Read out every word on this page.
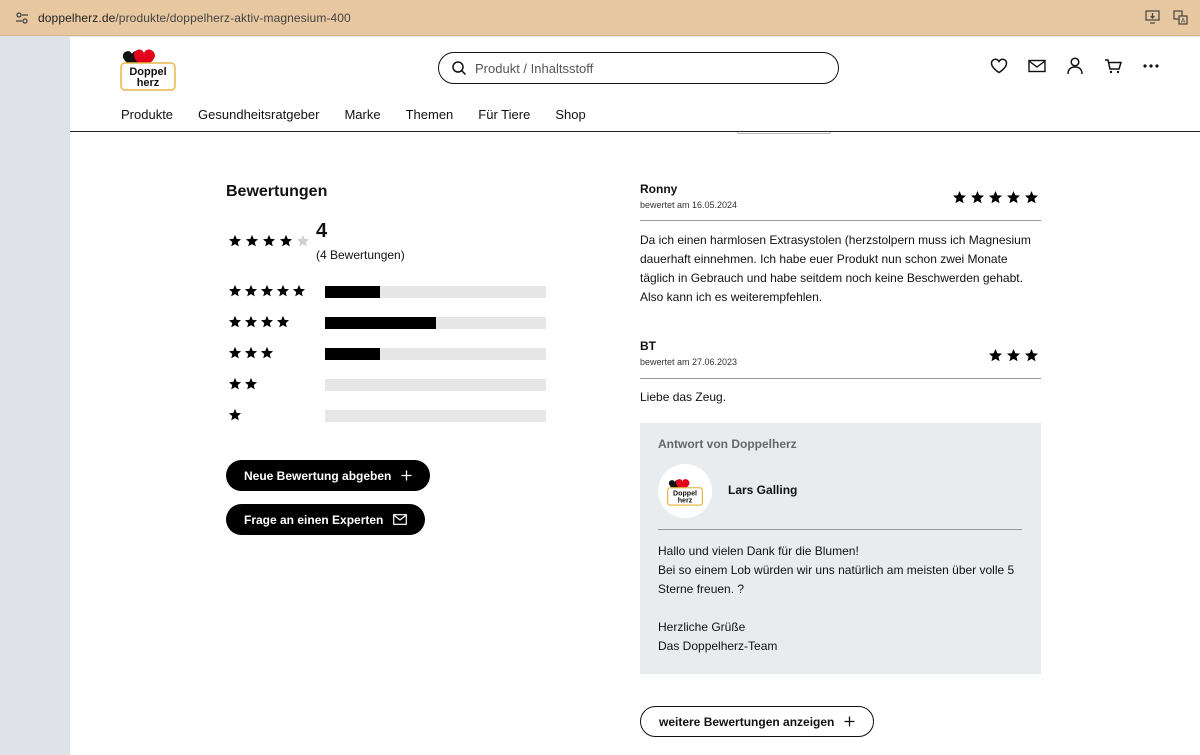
doppelherz.de/produkte/doppelherz-aktiv-magnesium-400	A
Doppel
herz
Produkt / Inhaltsstoff
Produkte Gesundheitsratgeber Marke Themen Für Tiere Shop
Bewertungen
4
(4 Bewertungen)
Neue Bewertung abgeben
Frage an einen Experten
Ronny
bewertet am 16.05.2024
Da ich einen harmlosen Extrasystolen (herzstolpern muss ich Magnesium dauerhaft einnehmen. Ich habe euer Produkt nun schon zwei Monate täglich in Gebrauch und habe seitdem noch keine Beschwerden gehabt. Also kann ich es weiterempfehlen.
BT
bewertet am 27.06.2023
Liebe das Zeug.
Antwort von Doppelherz
Doppel
herz
Lars Galling
Hallo und vielen Dank für die Blumen!
Bei so einem Lob würden wir uns natürlich am meisten über volle 5 Sterne freuen. ?
Herzliche Grüße
Das Doppelherz-Team
weitere Bewertungen anzeigen
